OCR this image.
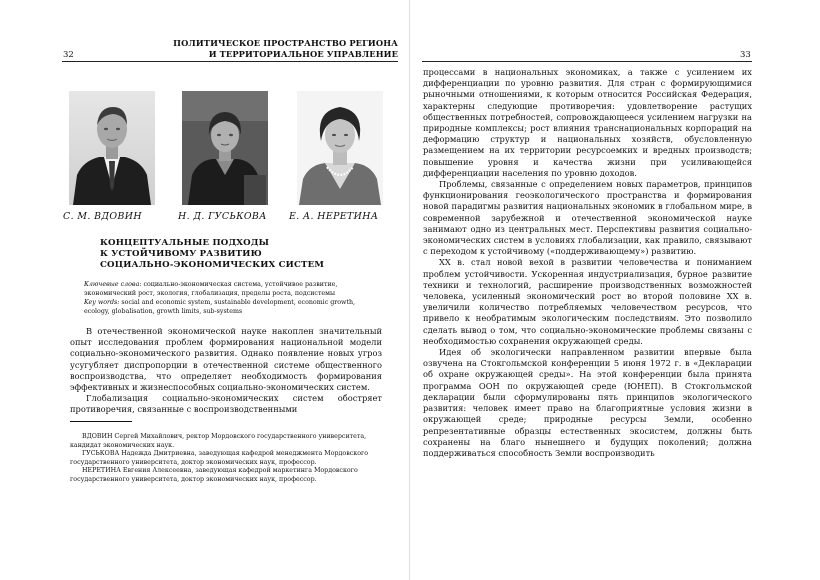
ПОЛИТИЧЕСКОЕ ПРОСТРАНСТВО РЕГИОНА
И ТЕРРИТОРИАЛЬНОЕ УПРАВЛЕНИЕ
32
С. М. ВДОВИН	Н. Д. ГУСЬКОВА Е. А. НЕРЕТИНА
КОНЦЕПТУАЛЬНЫЕ ПОДХОДЫ
К УСТОЙЧИВОМУ РАЗВИТИЮ
СОЦИАЛЬНО-ЭКОНОМИЧЕСКИХ СИСТЕМ
Ключевые слова: социально-экономическая система, устойчивое развитие, экономический рост, экология, глобализация, пределы роста, подсистемы
Key words: social and economic system, sustainable development, economic growth, ecology, globalisation, growth limits, sub-systems

В отечественной экономической науке накоплен значительный опыт исследования проблем формирования национальной модели социально-экономического развития. Однако появление новых угроз усугубляет диспропорции в отечественной системе общественного воспроизводства, что определяет необходимость формирования эффективных и жизнеспособных социально-экономических систем.

Глобализация социально-экономических систем обостряет противоречия, связанные с воспроизводственными

ВДОВИН Сергей Михайлович, ректор Мордовского государственного университета, кандидат экономических наук.

ГУСЬКОВА Надежда Дмитриевна, заведующая кафедрой менеджмента Мордовского государственного университета, доктор экономических наук, профессор.

НЕРЕТИНА Евгения Алексеевна, заведующая кафедрой маркетинга Мордовского государственного университета, доктор экономических наук, профессор.

33

процессами в национальных экономиках, а также с усилением их дифференциации по уровню развития. Для стран с формирующимися рыночными отношениями, к которым относится Российская Федерация, характерны следующие противоречия: удовлетворение растущих общественных потребностей, сопровождающееся усилением нагрузки на природные комплексы; рост влияния транснациональных корпораций на деформацию структур и национальных хозяйств, обусловленную размещением на их территории ресурсоемких и вредных производств; повышение уровня и качества жизни при усиливающейся дифференциации населения по уровню доходов.

Проблемы, связанные с определением новых параметров, принципов функционирования геоэкологического пространства и формирования новой парадигмы развития национальных экономик в глобальном мире, в современной зарубежной и отечественной экономической науке занимают одно из центральных мест. Перспективы развития социально-экономических систем в условиях глобализации, как правило, связывают с переходом к устойчивому («поддерживающему») развитию.

XX в. стал новой вехой в развитии человечества и пониманием проблем устойчивости. Ускоренная индустриализация, бурное развитие техники и технологий, расширение производственных возможностей человека, усиленный экономический рост во второй половине XX в. увеличили количество потребляемых человечеством ресурсов, что привело к необратимым экологическим последствиям. Это позволило сделать вывод о том, что социально-экономические проблемы связаны с необходимостью сохранения окружающей среды.

Идея об экологически направленном развитии впервые была озвучена на Стокгольмской конференции 5 июня 1972 г. в «Декларации об охране окружающей среды». На этой конференции была принята программа ООН по окружающей среде (ЮНЕП). В Стокгольмской декларации были сформулированы пять принципов экологического развития: человек имеет право на благоприятные условия жизни в окружающей среде; природные ресурсы Земли, особенно репрезентативные образцы естественных экосистем, должны быть сохранены на благо нынешнего и будущих поколений; должна поддерживаться способность Земли воспроизводить
